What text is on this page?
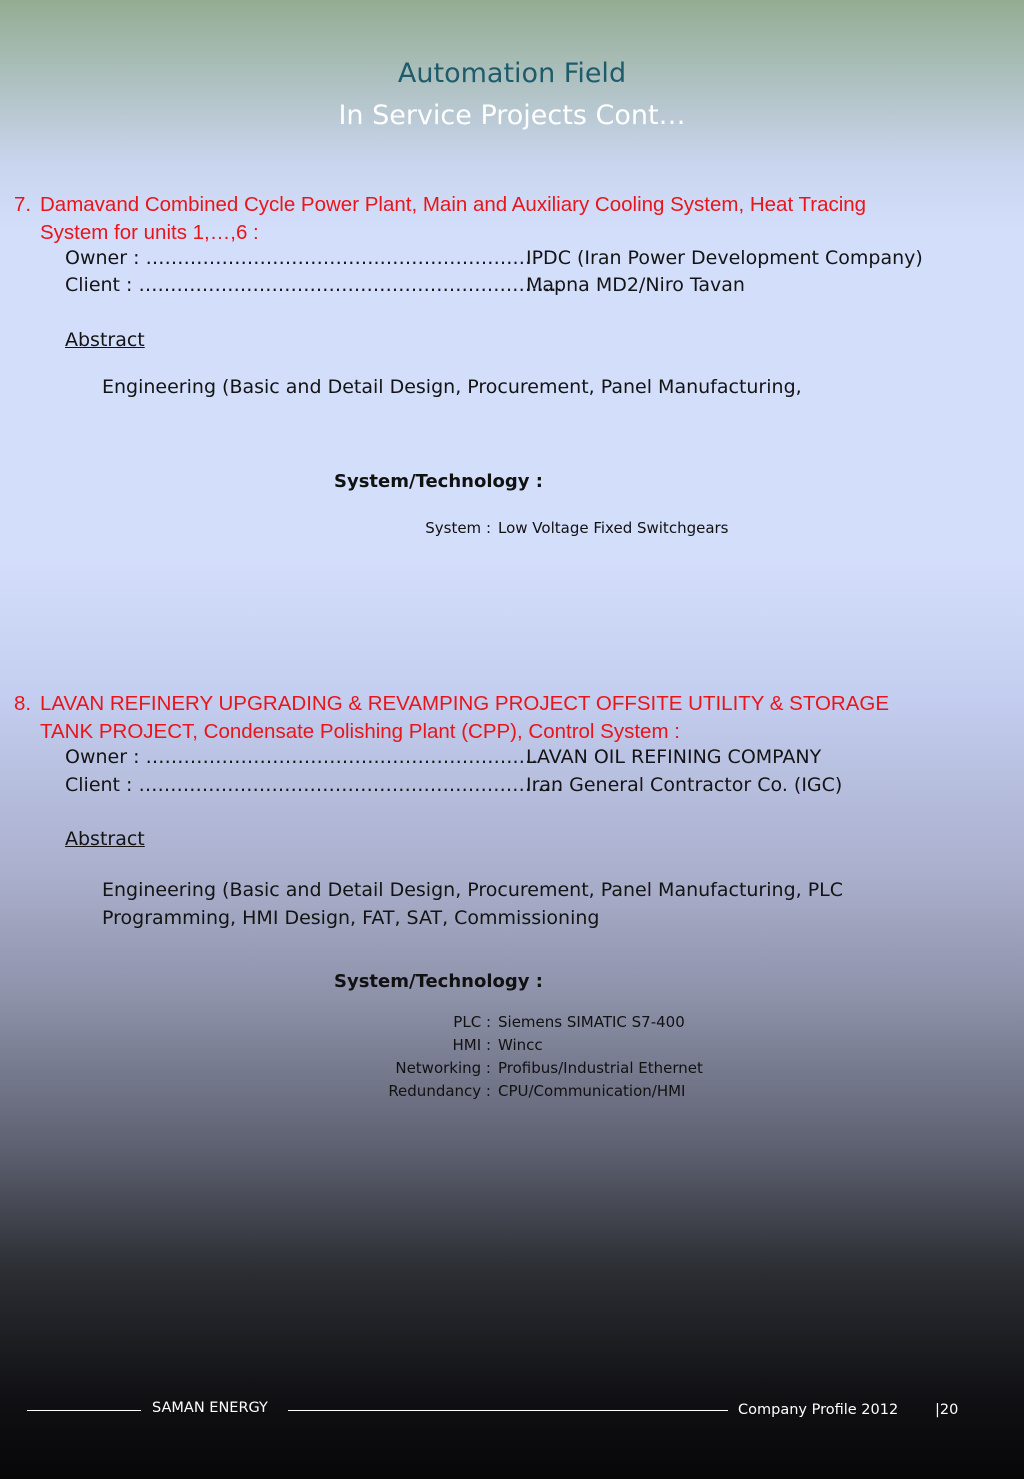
Automation Field
In Service Projects Cont…
7. Damavand Combined Cycle Power Plant, Main and Auxiliary Cooling System, Heat Tracing
System for units 1,…,6 :
Owner : ……………………………….………………….…
IPDC (Iran Power Development Company)
Client : ………………………………………………………….
Mapna MD2/Niro Tavan
Abstract
Engineering (Basic and Detail Design, Procurement, Panel Manufacturing,
System/Technology :
System : Low Voltage Fixed Switchgears
8. LAVAN REFINERY UPGRADING & REVAMPING PROJECT OFFSITE UTILITY & STORAGE
TANK PROJECT, Condensate Polishing Plant (CPP), Control System :
Owner : ……………………………….………………….…
LAVAN OIL REFINING COMPANY
Client : ………………………………………………………….
Iran General Contractor Co. (IGC)
Abstract
Engineering (Basic and Detail Design, Procurement, Panel Manufacturing, PLC
Programming, HMI Design, FAT, SAT, Commissioning
System/Technology :
PLC : Siemens SIMATIC S7-400
HMI : Wincc
Networking : Profibus/Industrial Ethernet
Redundancy : CPU/Communication/HMI
SAMAN ENERGY	Company Profile 2012	|20
